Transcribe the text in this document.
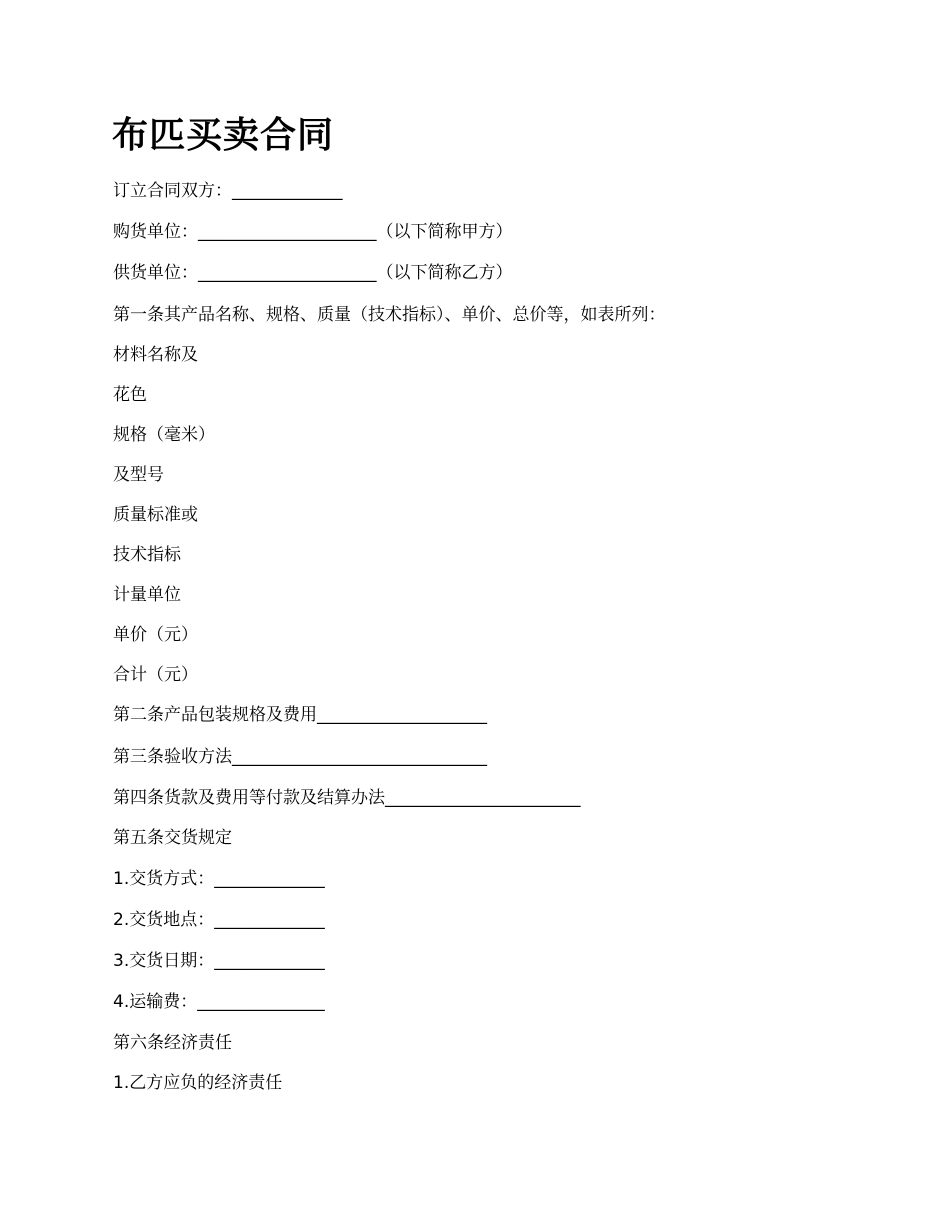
布匹买卖合同

订立合同双方：_____________

购货单位：_____________________（以下简称甲方）

供货单位：_____________________（以下简称乙方）

第一条其产品名称、规格、质量（技术指标）、单价、总价等，如表所列：

材料名称及

花色

规格（毫米）

及型号

质量标准或

技术指标

计量单位

单价（元）

合计（元）

第二条产品包装规格及费用____________________

第三条验收方法______________________________

第四条货款及费用等付款及结算办法_______________________

第五条交货规定

1.交货方式：_____________

2.交货地点：_____________

3.交货日期：_____________

4.运输费：_______________

第六条经济责任

1.乙方应负的经济责任
